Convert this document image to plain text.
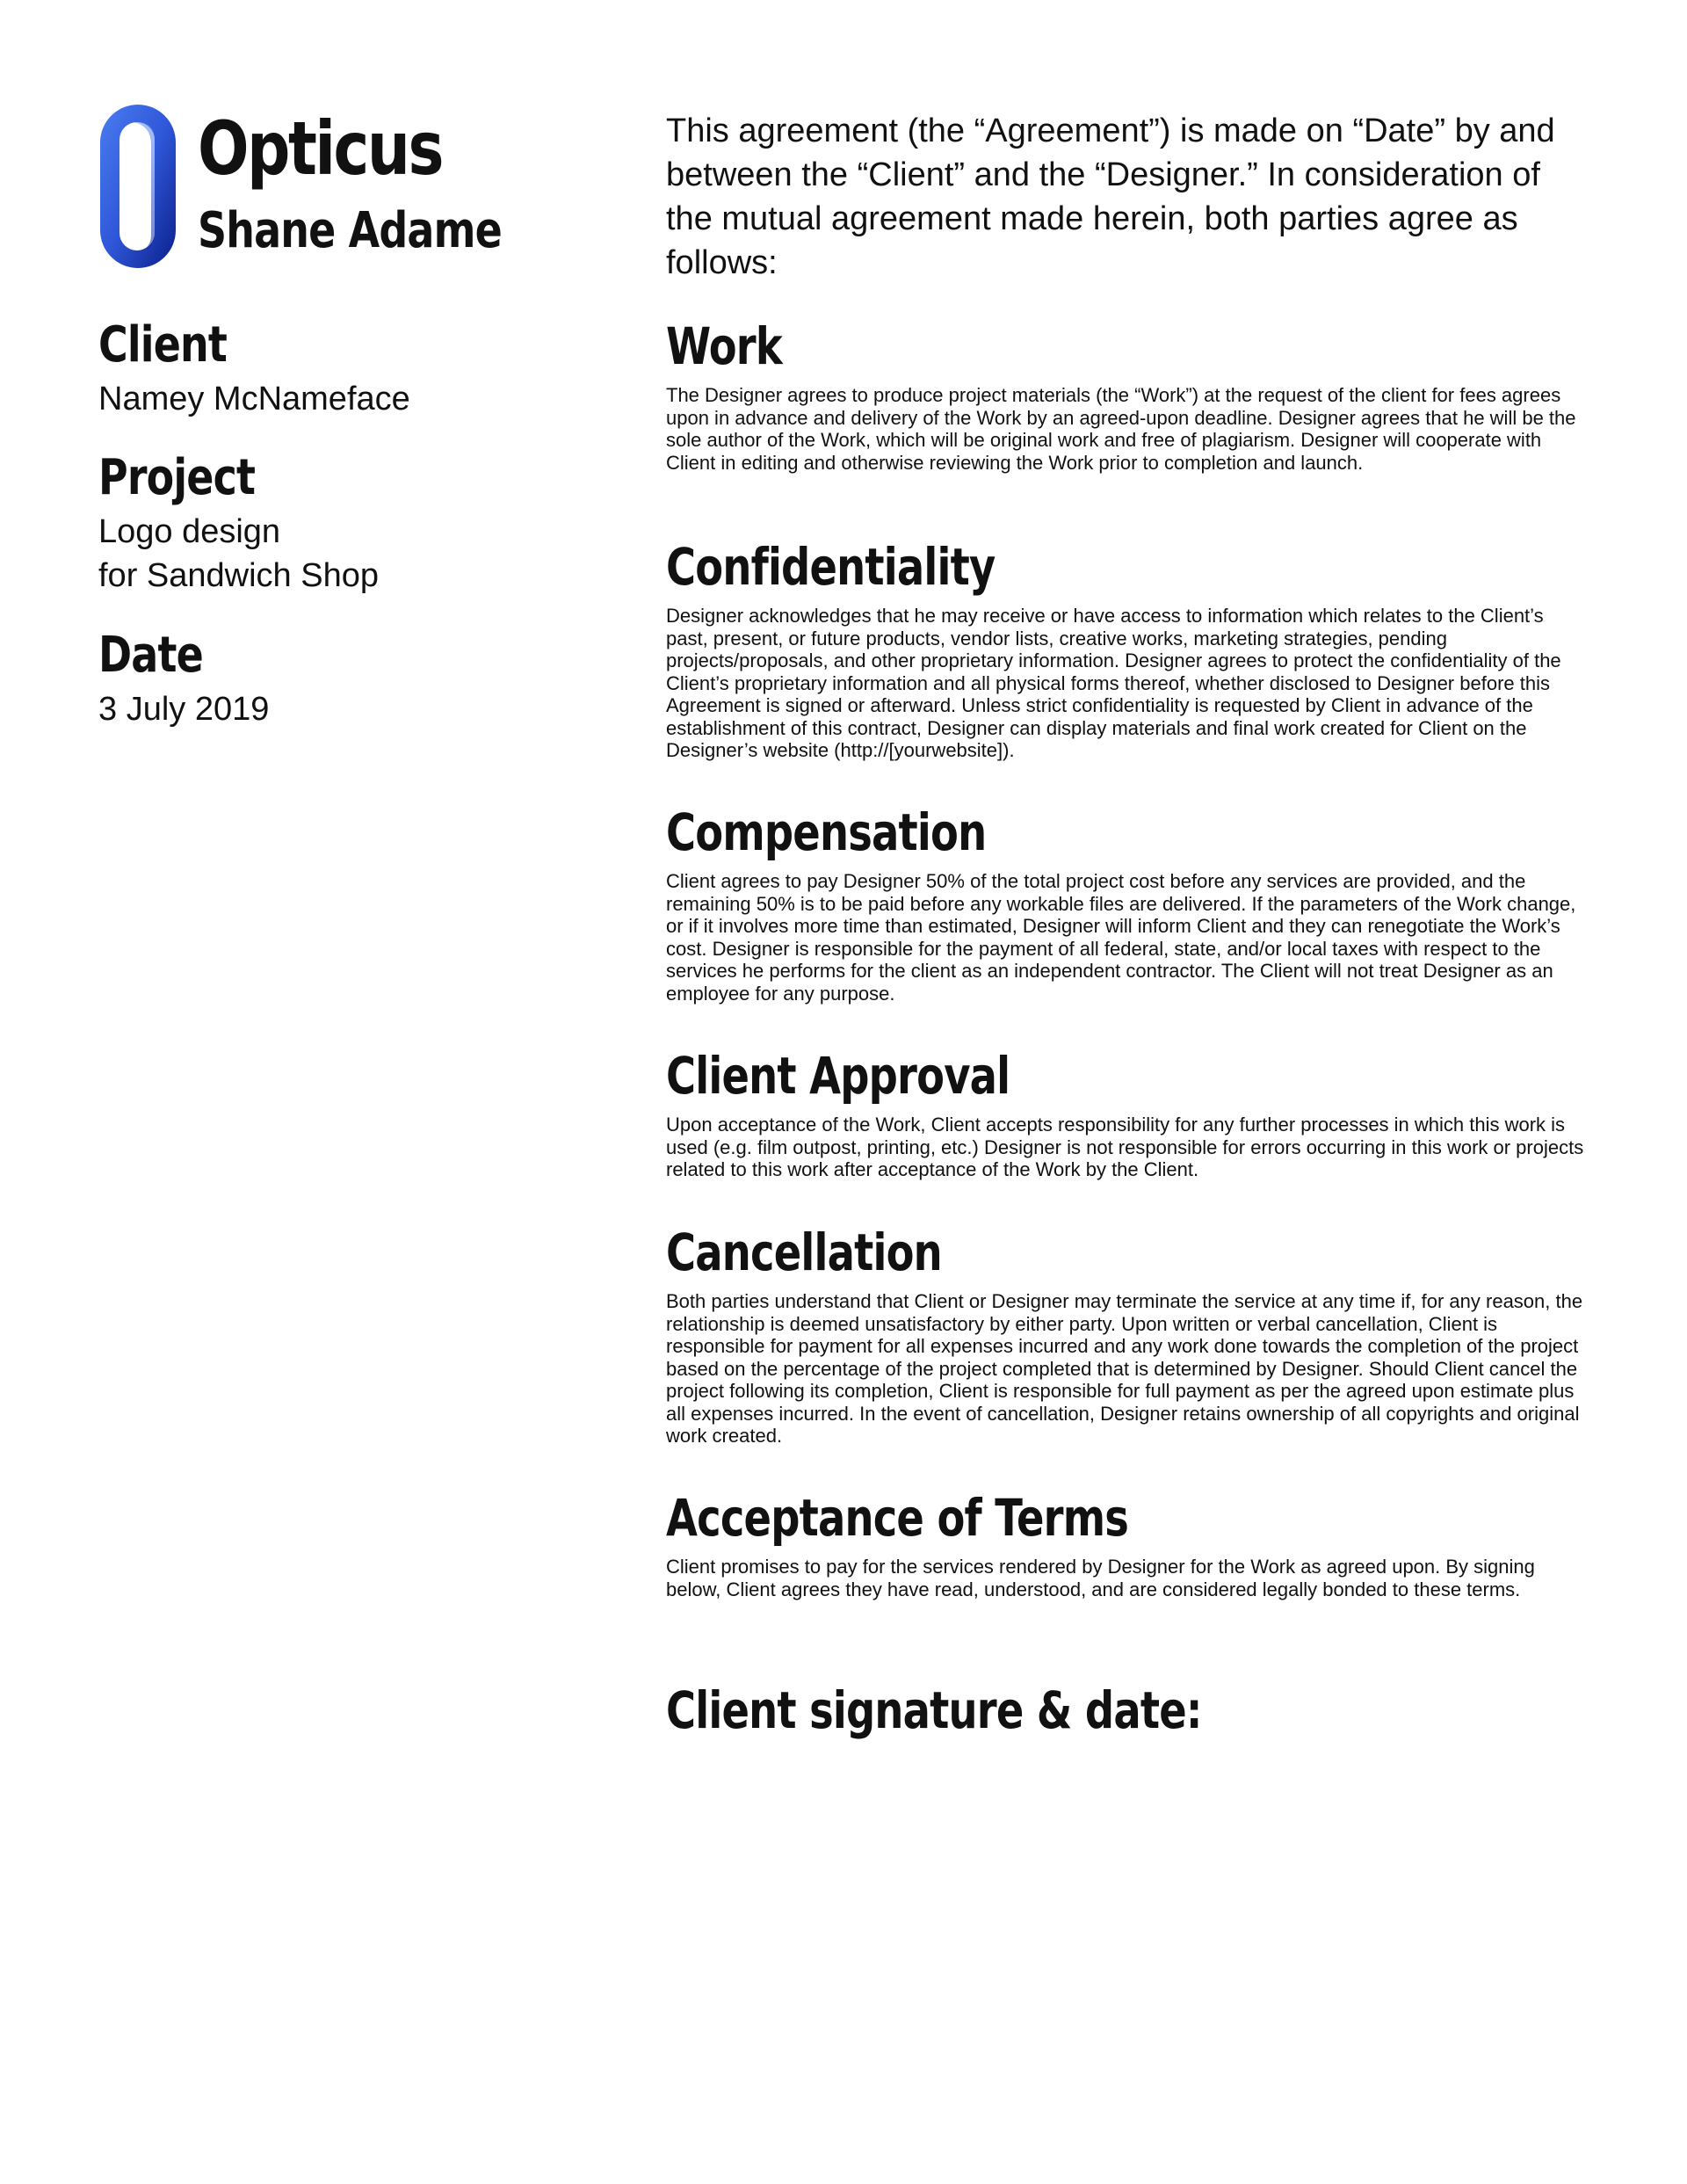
Opticus
Shane Adame
Client
Namey McNameface
Project
Logo design
for Sandwich Shop
Date
3 July 2019

This agreement (the “Agreement”) is made on “Date” by and between the “Client” and the “Designer.” In consideration of the mutual agreement made herein, both parties agree as follows:

Work

The Designer agrees to produce project materials (the “Work”) at the request of the client for fees agrees upon in advance and delivery of the Work by an agreed-upon deadline. Designer agrees that he will be the sole author of the Work, which will be original work and free of plagiarism. Designer will cooperate with Client in editing and otherwise reviewing the Work prior to completion and launch.

Confidentiality

Designer acknowledges that he may receive or have access to information which relates to the Client’s past, present, or future products, vendor lists, creative works, marketing strategies, pending projects/proposals, and other proprietary information. Designer agrees to protect the confidentiality of the Client’s proprietary information and all physical forms thereof, whether disclosed to Designer before this Agreement is signed or afterward. Unless strict confidentiality is requested by Client in advance of the establishment of this contract, Designer can display materials and final work created for Client on the Designer’s website (http://[yourwebsite]).

Compensation

Client agrees to pay Designer 50% of the total project cost before any services are provided, and the remaining 50% is to be paid before any workable files are delivered. If the parameters of the Work change, or if it involves more time than estimated, Designer will inform Client and they can renegotiate the Work’s cost. Designer is responsible for the payment of all federal, state, and/or local taxes with respect to the services he performs for the client as an independent contractor. The Client will not treat Designer as an employee for any purpose.

Client Approval

Upon acceptance of the Work, Client accepts responsibility for any further processes in which this work is used (e.g. film outpost, printing, etc.) Designer is not responsible for errors occurring in this work or projects related to this work after acceptance of the Work by the Client.

Cancellation

Both parties understand that Client or Designer may terminate the service at any time if, for any reason, the relationship is deemed unsatisfactory by either party. Upon written or verbal cancellation, Client is responsible for payment for all expenses incurred and any work done towards the completion of the project based on the percentage of the project completed that is determined by Designer. Should Client cancel the project following its completion, Client is responsible for full payment as per the agreed upon estimate plus all expenses incurred. In the event of cancellation, Designer retains ownership of all copyrights and original work created.

Acceptance of Terms

Client promises to pay for the services rendered by Designer for the Work as agreed upon. By signing below, Client agrees they have read, understood, and are considered legally bonded to these terms.

Client signature & date:
